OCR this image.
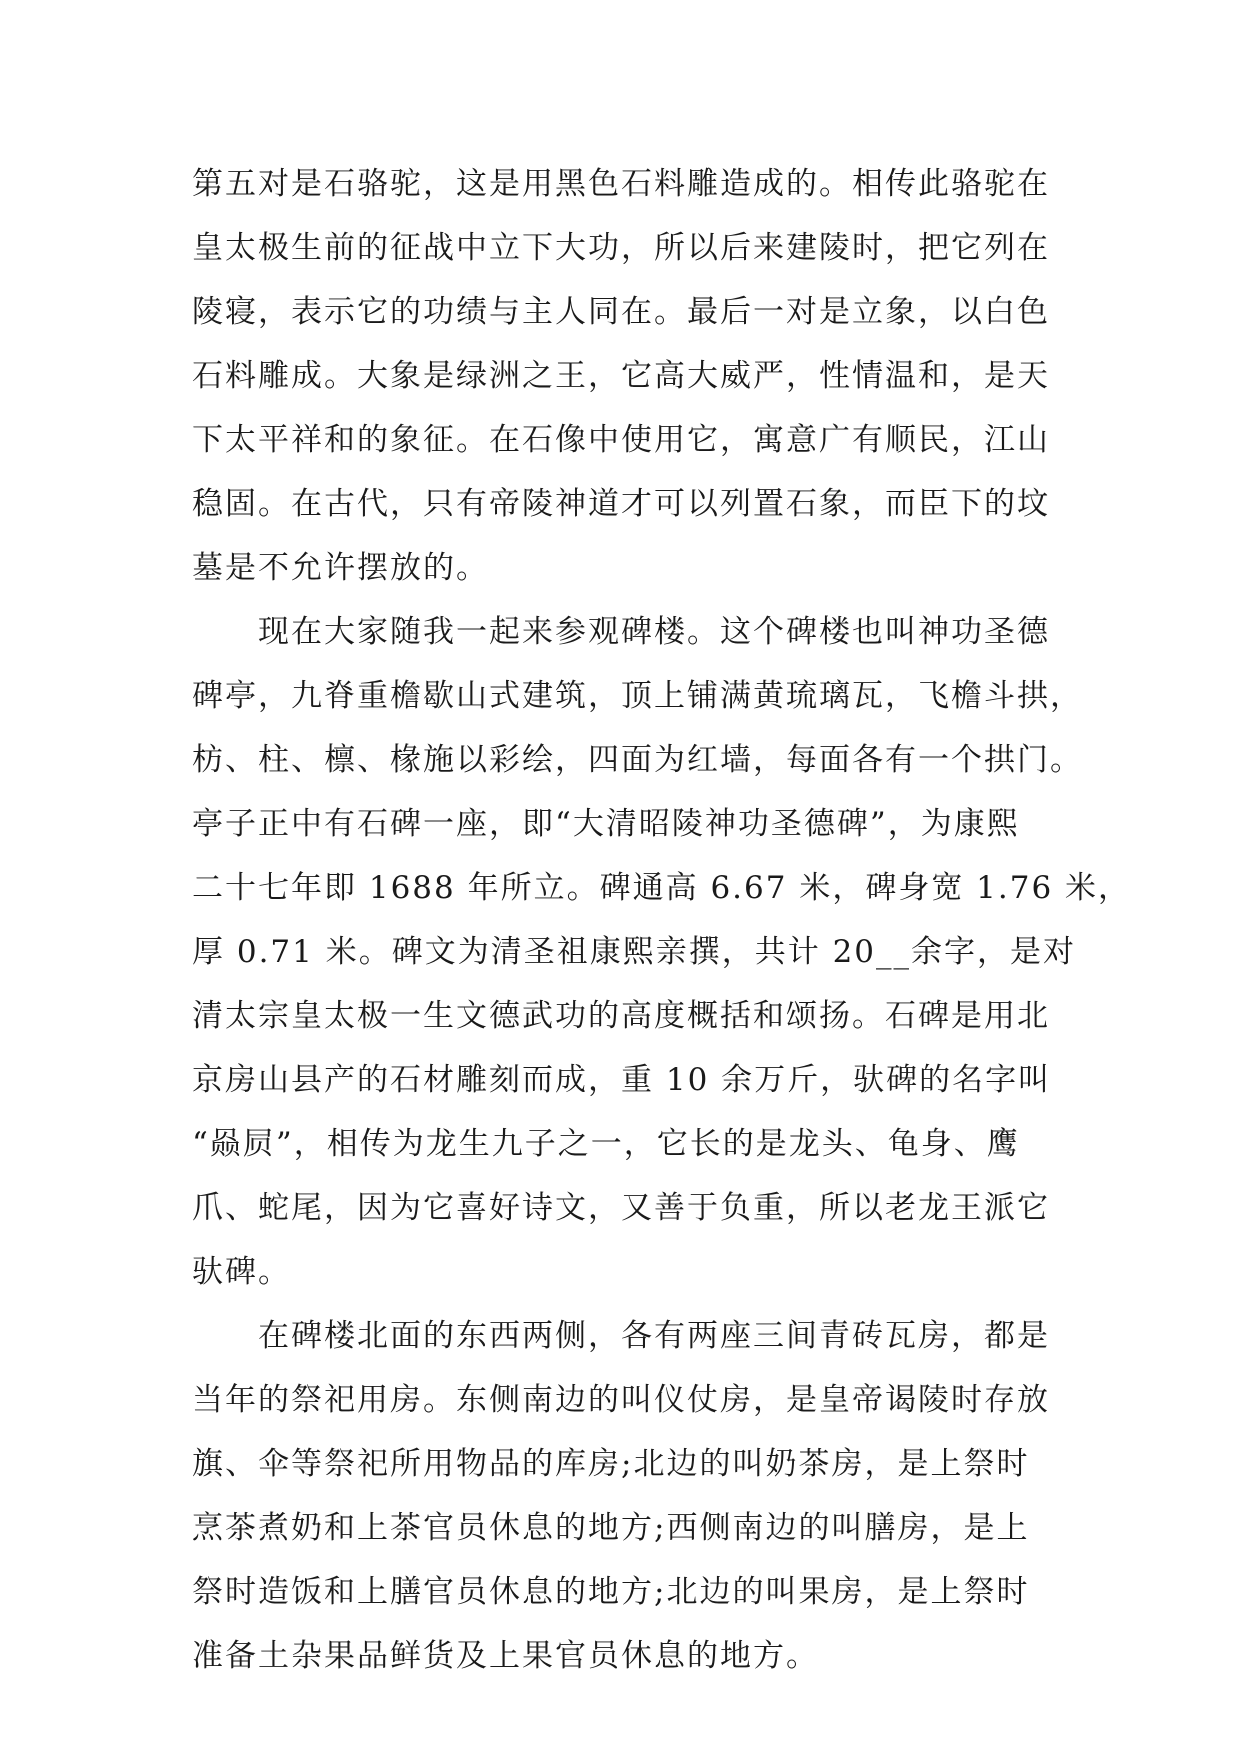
第五对是石骆驼，这是用黑色石料雕造成的。相传此骆驼在
皇太极生前的征战中立下大功，所以后来建陵时，把它列在
陵寝，表示它的功绩与主人同在。最后一对是立象，以白色
石料雕成。大象是绿洲之王，它高大威严，性情温和，是天
下太平祥和的象征。在石像中使用它，寓意广有顺民，江山
稳固。在古代，只有帝陵神道才可以列置石象，而臣下的坟
墓是不允许摆放的。

现在大家随我一起来参观碑楼。这个碑楼也叫神功圣德
碑亭，九脊重檐歇山式建筑，顶上铺满黄琉璃瓦，飞檐斗拱，
枋、柱、檩、椽施以彩绘，四面为红墙，每面各有一个拱门。
亭子正中有石碑一座，即“大清昭陵神功圣德碑”，为康熙
二十七年即 1688 年所立。碑通高 6.67 米，碑身宽 1.76 米，
厚 0.71 米。碑文为清圣祖康熙亲撰，共计 20__余字，是对
清太宗皇太极一生文德武功的高度概括和颂扬。石碑是用北
京房山县产的石材雕刻而成，重 10 余万斤，驮碑的名字叫
“赑屃”，相传为龙生九子之一，它长的是龙头、龟身、鹰
爪、蛇尾，因为它喜好诗文，又善于负重，所以老龙王派它
驮碑。

在碑楼北面的东西两侧，各有两座三间青砖瓦房，都是
当年的祭祀用房。东侧南边的叫仪仗房，是皇帝谒陵时存放
旗、伞等祭祀所用物品的库房;北边的叫奶茶房，是上祭时
烹茶煮奶和上茶官员休息的地方;西侧南边的叫膳房，是上
祭时造饭和上膳官员休息的地方;北边的叫果房，是上祭时
准备土杂果品鲜货及上果官员休息的地方。
